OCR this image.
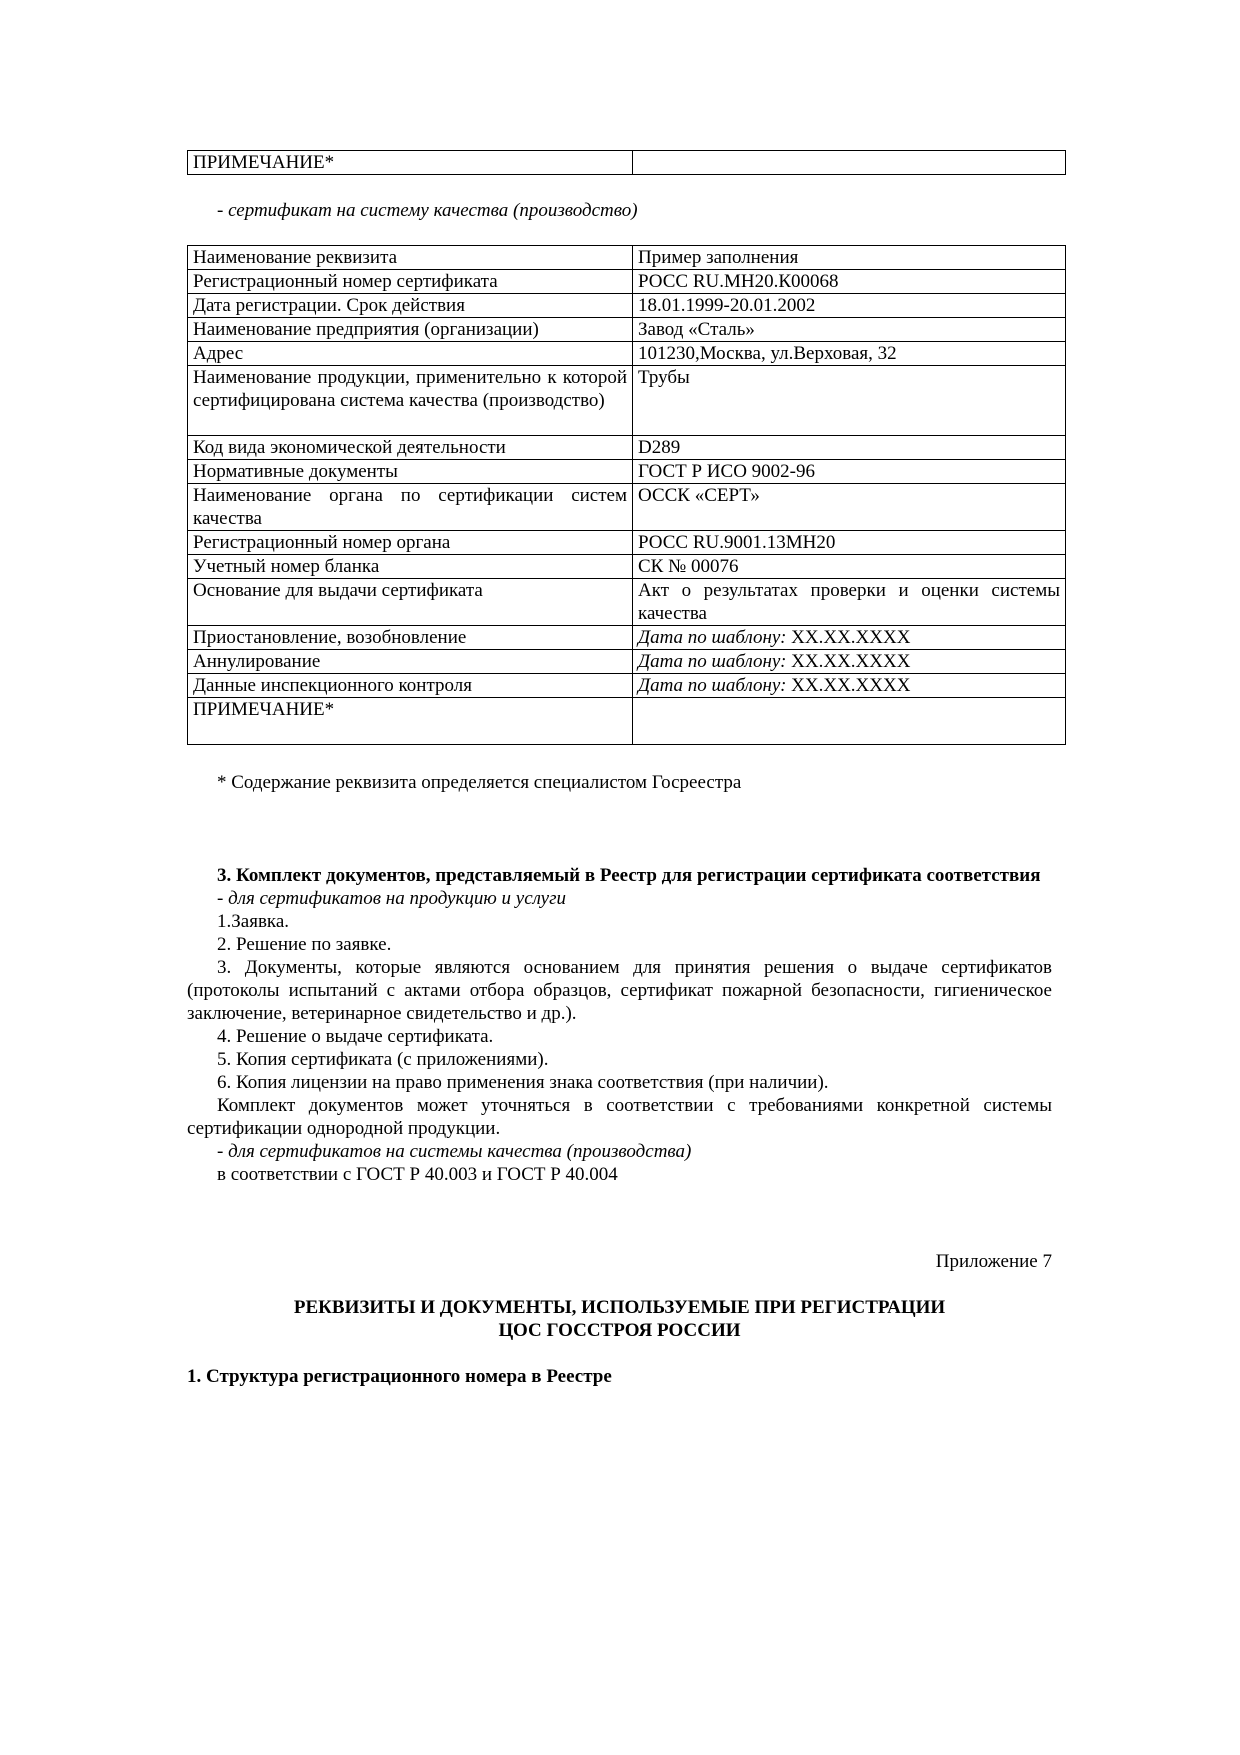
ПРИМЕЧАНИЕ*	

- сертификат на систему качества (производство)

Наименование реквизита	Пример заполнения
Регистрационный номер сертификата	РОСС RU.МН20.К00068
Дата регистрации. Срок действия	18.01.1999-20.01.2002
Наименование предприятия (организации)	Завод «Сталь»
Адрес	101230,Москва, ул.Верховая, 32
Наименование продукции, применительно к которой сертифицирована система качества (производство)	Трубы
Код вида экономической деятельности	D289
Нормативные документы	ГОСТ Р ИСО 9002-96
Наименование органа по сертификации систем качества	ОССК «СЕРТ»
Регистрационный номер органа	РОСС RU.9001.13МН20
Учетный номер бланка	СК № 00076
Основание для выдачи сертификата	Акт о результатах проверки и оценки системы качества
Приостановление, возобновление	Дата по шаблону: XX.XX.XXXX
Аннулирование	Дата по шаблону: XX.XX.XXXX
Данные инспекционного контроля	Дата по шаблону: XX.XX.XXXX
ПРИМЕЧАНИЕ*	

* Содержание реквизита определяется специалистом Госреестра

3. Комплект документов, представляемый в Реестр для регистрации сертификата соответствия

- для сертификатов на продукцию и услуги

1.Заявка.

2. Решение по заявке.

3. Документы, которые являются основанием для принятия решения о выдаче сертификатов (протоколы испытаний с актами отбора образцов, сертификат пожарной безопасности, гигиеническое заключение, ветеринарное свидетельство и др.).

4. Решение о выдаче сертификата.

5. Копия сертификата (с приложениями).

6. Копия лицензии на право применения знака соответствия (при наличии).

Комплект документов может уточняться в соответствии с требованиями конкретной системы сертификации однородной продукции.

- для сертификатов на системы качества (производства)

в соответствии с ГОСТ Р 40.003 и ГОСТ Р 40.004

Приложение 7

РЕКВИЗИТЫ И ДОКУМЕНТЫ, ИСПОЛЬЗУЕМЫЕ ПРИ РЕГИСТРАЦИИ

ЦОС ГОССТРОЯ РОССИИ

1. Структура регистрационного номера в Реестре
